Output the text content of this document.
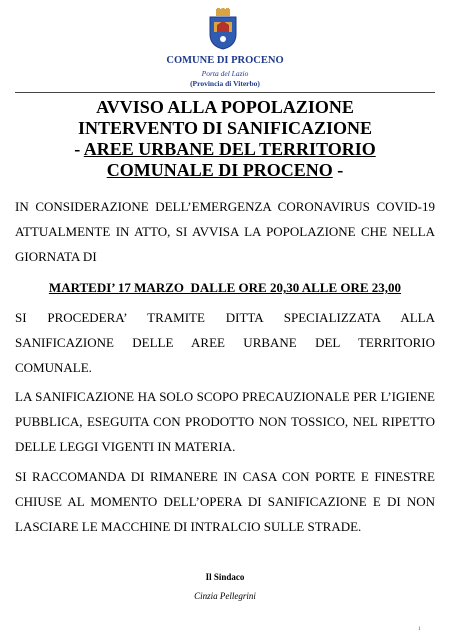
COMUNE DI PROCENO
Porta del Lazio
(Provincia di Viterbo)
AVVISO ALLA POPOLAZIONE
INTERVENTO DI SANIFICAZIONE
- AREE URBANE DEL TERRITORIO
COMUNALE DI PROCENO -
IN CONSIDERAZIONE DELL’EMERGENZA CORONAVIRUS COVID-19 ATTUALMENTE IN ATTO, SI AVVISA LA POPOLAZIONE CHE NELLA GIORNATA DI
MARTEDI’ 17 MARZO  DALLE ORE 20,30 ALLE ORE 23,00
SI PROCEDERA’ TRAMITE DITTA SPECIALIZZATA ALLA SANIFICAZIONE DELLE AREE URBANE DEL TERRITORIO COMUNALE.
LA SANIFICAZIONE HA SOLO SCOPO PRECAUZIONALE PER L’IGIENE PUBBLICA, ESEGUITA CON PRODOTTO NON TOSSICO, NEL RIPETTO DELLE LEGGI VIGENTI IN MATERIA.
SI RACCOMANDA DI RIMANERE IN CASA CON PORTE E FINESTRE CHIUSE AL MOMENTO DELL’OPERA DI SANIFICAZIONE E DI NON LASCIARE LE MACCHINE DI INTRALCIO SULLE STRADE.
Il Sindaco
Cinzia Pellegrini
1
